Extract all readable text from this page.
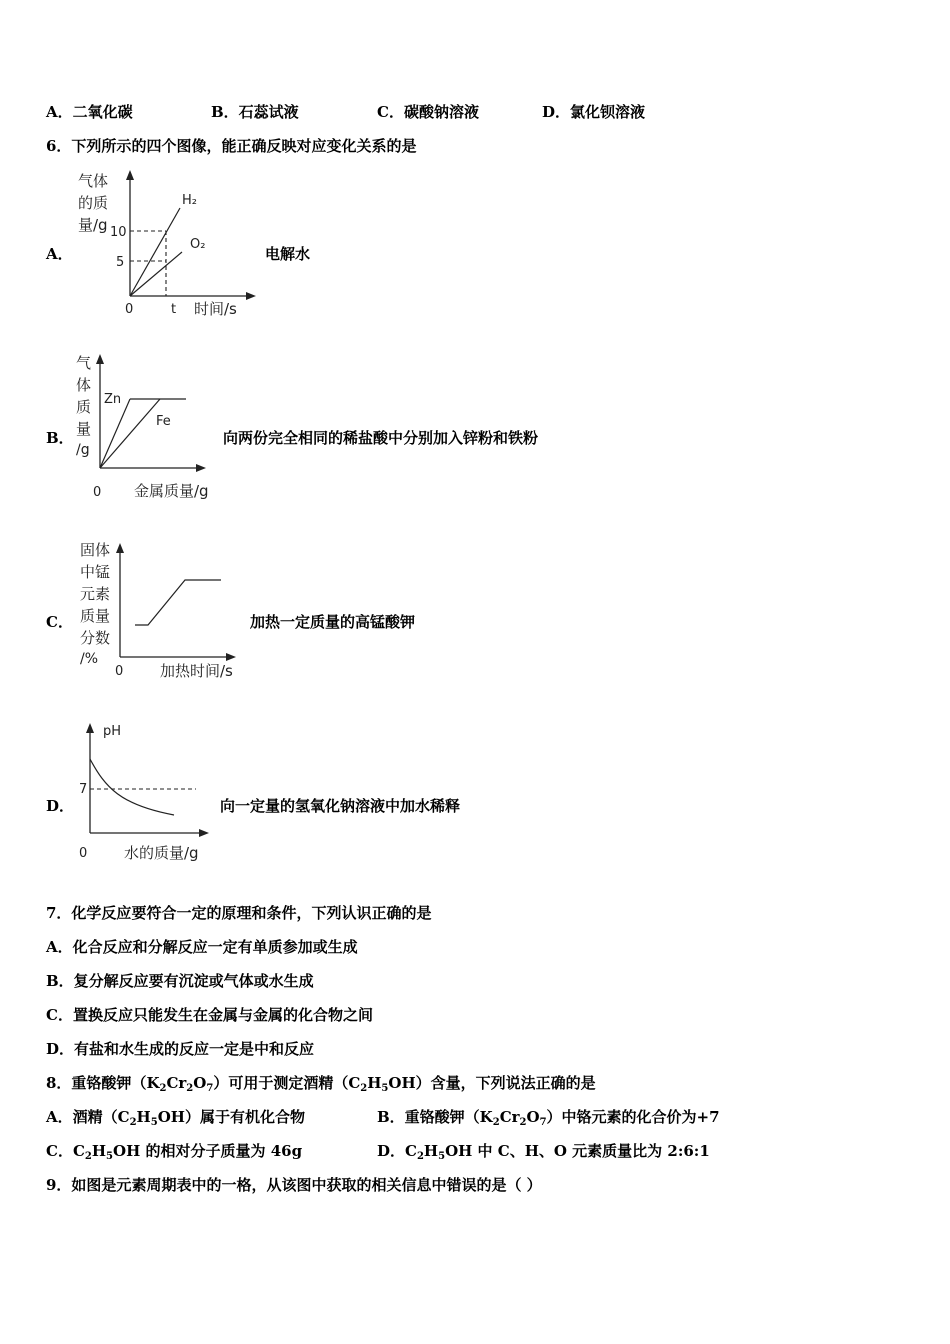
A．二氧化碳	B．石蕊试液	C．碳酸钠溶液	D．氯化钡溶液
6．下列所示的四个图像，能正确反映对应变化关系的是
A．
气体
的质
量/g 10
5
0	t 时间/s
H₂
O₂
电解水
B．
气
体
质
量
/g
Zn
Fe
0 金属质量/g
向两份完全相同的稀盐酸中分别加入锌粉和铁粉
C．
固体
中锰
元素
质量
分数
/%
0 加热时间/s
加热一定质量的高锰酸钾
D．
pH
7
0 水的质量/g
向一定量的氢氧化钠溶液中加水稀释
7．化学反应要符合一定的原理和条件，下列认识正确的是
A．化合反应和分解反应一定有单质参加或生成
B．复分解反应要有沉淀或气体或水生成
C．置换反应只能发生在金属与金属的化合物之间
D．有盐和水生成的反应一定是中和反应
8．重铬酸钾$(K_2Cr_2O_7)$可用于测定酒精$(C_2H_5OH)$含量，下列说法正确的是
A．酒精$(C_2H_5OH)$属于有机化合物	B．重铬酸钾$(K_2Cr_2O_7)$中铬元素的化合价为+7
C．$C_2H_5OH$ 的相对分子质量为 46g	D．$C_2H_5OH$ 中 C、H、O 元素质量比为 2:6:1
9．如图是元素周期表中的一格，从该图中获取的相关信息中错误的是（ ）
